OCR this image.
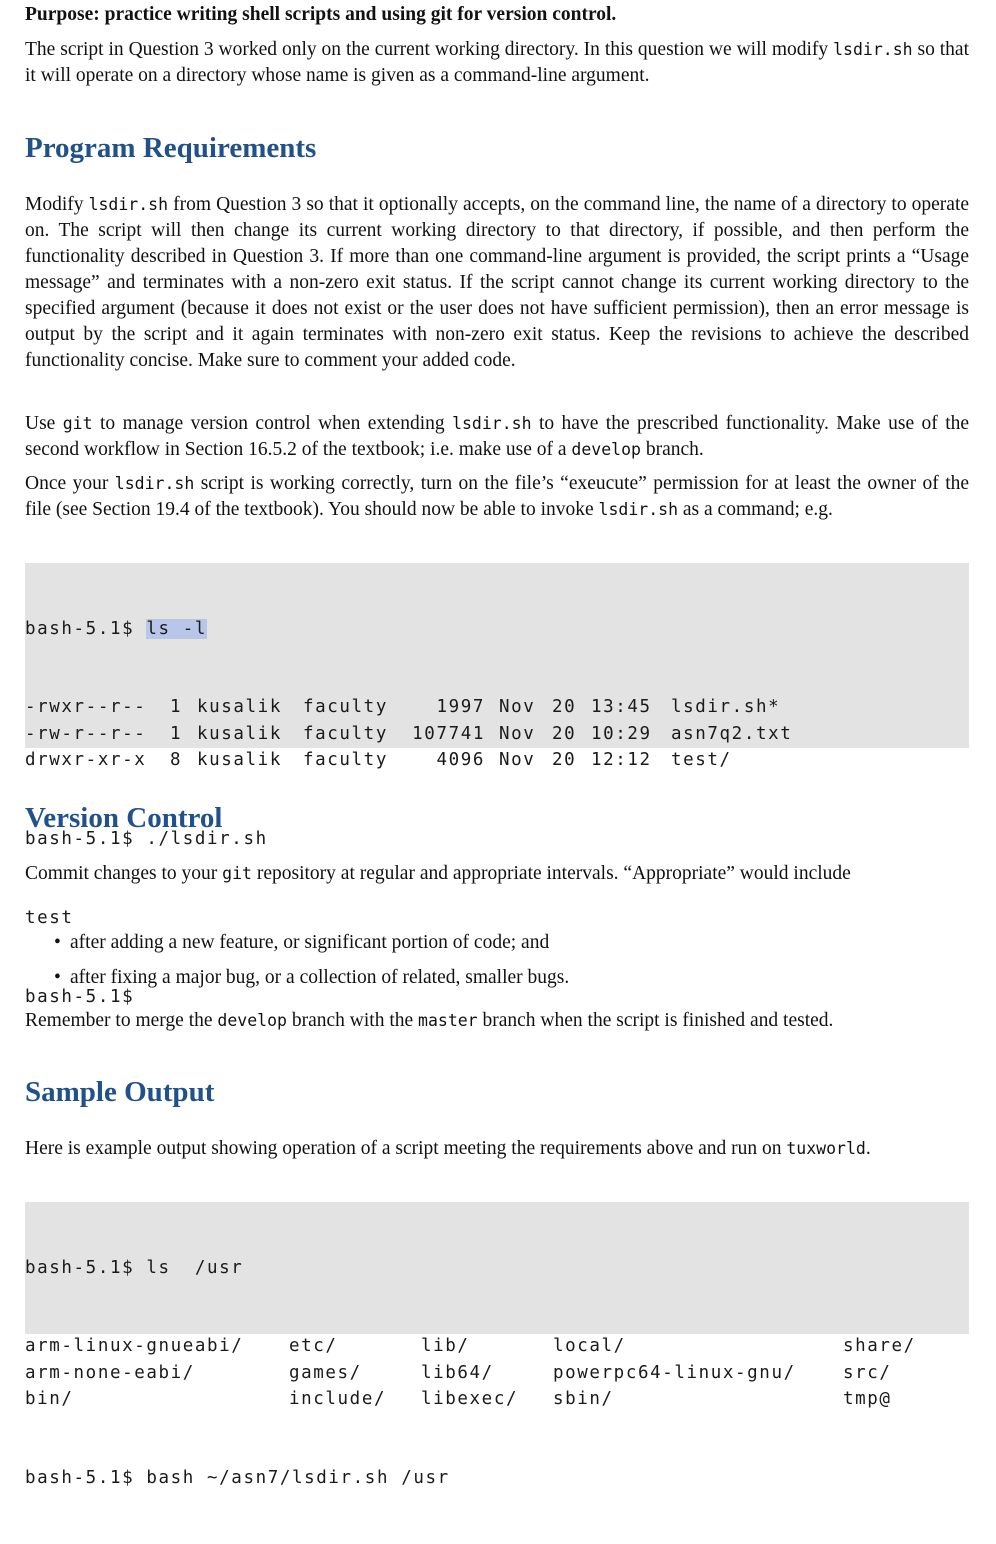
Purpose: practice writing shell scripts and using git for version control.
The script in Question 3 worked only on the current working directory. In this question we will modify lsdir.sh so that it will operate on a directory whose name is given as a command-line argument.
Program Requirements
Modify lsdir.sh from Question 3 so that it optionally accepts, on the command line, the name of a directory to operate on. The script will then change its current working directory to that directory, if possible, and then perform the functionality described in Question 3. If more than one command-line argument is provided, the script prints a “Usage message” and terminates with a non-zero exit status. If the script cannot change its current working directory to the specified argument (because it does not exist or the user does not have sufficient permission), then an error message is output by the script and it again terminates with non-zero exit status. Keep the revisions to achieve the described functionality concise. Make sure to comment your added code.
Use git to manage version control when extending lsdir.sh to have the prescribed functionality. Make use of the second workflow in Section 16.5.2 of the textbook; i.e. make use of a develop branch.
Once your lsdir.sh script is working correctly, turn on the file’s “exeucute” permission for at least the owner of the file (see Section 19.4 of the textbook). You should now be able to invoke lsdir.sh as a command; e.g.

bash-5.1$ ls -l

-rwxr--r-- 1 kusalik faculty	1997 Nov 20 13:45 lsdir.sh*
-rw-r--r-- 1 kusalik faculty 107741 Nov 20 10:29 asn7q2.txt
drwxr-xr-x 8 kusalik faculty	4096 Nov 20 12:12 test/

bash-5.1$ ./lsdir.sh

test

bash-5.1$

Version Control
Commit changes to your git repository at regular and appropriate intervals. “Appropriate” would include
• after adding a new feature, or significant portion of code; and
• after fixing a major bug, or a collection of related, smaller bugs.
Remember to merge the develop branch with the master branch when the script is finished and tested.
Sample Output
Here is example output showing operation of a script meeting the requirements above and run on tuxworld.

bash-5.1$ ls  /usr

arm-linux-gnueabi/	etc/	lib/	local/	share/
arm-none-eabi/	games/	lib64/	powerpc64-linux-gnu/	src/
bin/	include/ libexec/ sbin/	tmp@

bash-5.1$ bash ~/asn7/lsdir.sh /usr
